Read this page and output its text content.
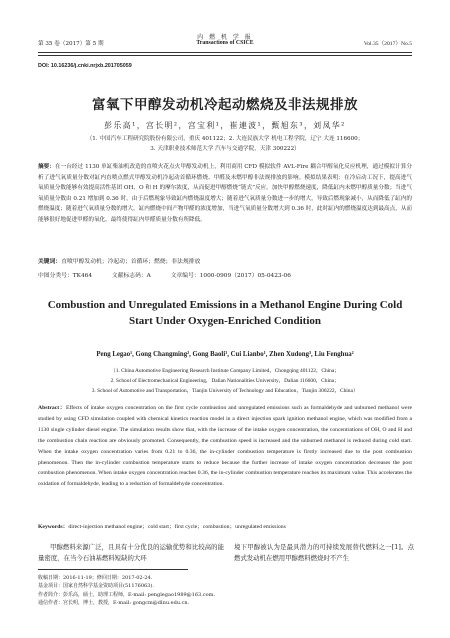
第 35 卷（2017）第 5 期
内 燃 机 学 报
Transactions of CSICE	Vol.35（2017）No.5
DOI: 10.16236/j.cnki.nrjxb.201705059
富氧下甲醇发动机冷起动燃烧及非法规排放
彭乐高¹，宫长明²，宫宝利¹，崔連波¹，甄旭东³，刘凤华²
（1. 中国汽车工程研究院股份有限公司，重庆 401122；2. 大连民族大学 机电工程学院，辽宁 大连 116600；
3. 天津职业技术师范大学 汽车与交通学院，天津 300222）
摘要：在一台经过 1130 单缸柴油机改造的直喷火花点火甲醇发动机上，利用商用 CFD 模拟软件 AVL-Fire 耦合甲醇氧化反应机理，通过模拟计算分析了进气氧质量分数对缸内直喷点燃式甲醇发动机冷起动首循环燃烧、甲醛及未燃甲醇非法规排放的影响。模拟结果表明：在冷启动工况下，提高进气氧质量分数能够有效提高活性基团 OH、O 和 H 的摩尔浓度，从而促进甲醇燃烧“链式”反应，加快甲醇燃烧速度，降低缸内未燃甲醇质量分数；当进气氧质量分数由 0.21 增加到 0.36 时，由于后燃现象导致缸内燃烧温度增大；随着进气氧质量分数进一步的增大，导致后燃现象减小，从而降低了缸内的燃烧温度；随着进气氧质量分数的增大，缸内燃烧中间产物甲醛的浓度增加，当进气氧质量分数增大到 0.36 时，此时缸内的燃烧温度达到最高点，从而能够很好地促进甲醛的氧化，最终使得缸内甲醛质量分数有所降低。
关键词：直喷甲醇发动机；冷起动；首循环；燃烧；非法规排放
中图分类号：TK464	文献标志码：A	文章编号：1000-0909（2017）05-0423-06
Combustion and Unregulated Emissions in a Methanol Engine During Cold Start Under Oxygen-Enriched Condition
Peng Legao¹, Gong Changming², Gong Baoli¹, Cui Lianbo¹, Zhen Xudong³, Liu Fenghua²
（1. China Automotive Engineering Research Institute Company Limited，Chongqing 401122，China；
2. School of Electromechanical Engineering，Dalian Nationalities University，Dalian 116600，China；
3. School of Automotive and Transportation，Tianjin University of Technology and Education，Tianjin 300222，China）
Abstract：Effects of intake oxygen concentration on the first cycle combustion and unregulated emissions such as formaldehyde and unburned methanol were studied by using CFD simulation coupled with chemical kinetics reaction model in a direct injection spark ignition methanol engine, which was modified from a 1130 single cylinder diesel engine. The simulation results show that, with the increase of the intake oxygen concentration, the concentrations of OH, O and H and the combustion chain reaction are obviously promoted. Consequently, the combustion speed is increased and the unburned methanol is reduced during cold start. When the intake oxygen concentration varies from 0.21 to 0.36, the in-cylinder combustion temperature is firstly increased due to the post combustion phenomenon. Then the in-cylinder combustion temperature starts to reduce because the further increase of intake oxygen concentration decreases the post combustion phenomenon. When intake oxygen concentration reaches 0.36, the in-cylinder combustion temperature reaches its maximum value. This accelerates the oxidation of formaldehyde, leading to a reduction of formaldehyde concentration.
Keywords：direct-injection methanol engine；cold start；first cycle；combustion；unregulated emissions
甲醇燃料来源广泛，且具有十分优良的运输优势和比较高的能量密度，在当今石油基燃料短缺的大环
境下甲醇被认为是最具潜力的可持续发展替代燃料之一[1]。点燃式发动机在燃用甲醇燃料燃烧时不产生
收稿日期：2016-11-19；修回日期：2017-02-24.
基金项目：国家自然科学基金资助项目(51176063).
作者简介：彭乐高，硕士，助理工程师，E-mail: penglegao1989@163.com.
通信作者：宫长明，博士，教授，E-mail: gongcm@dlnu.edu.cn.
